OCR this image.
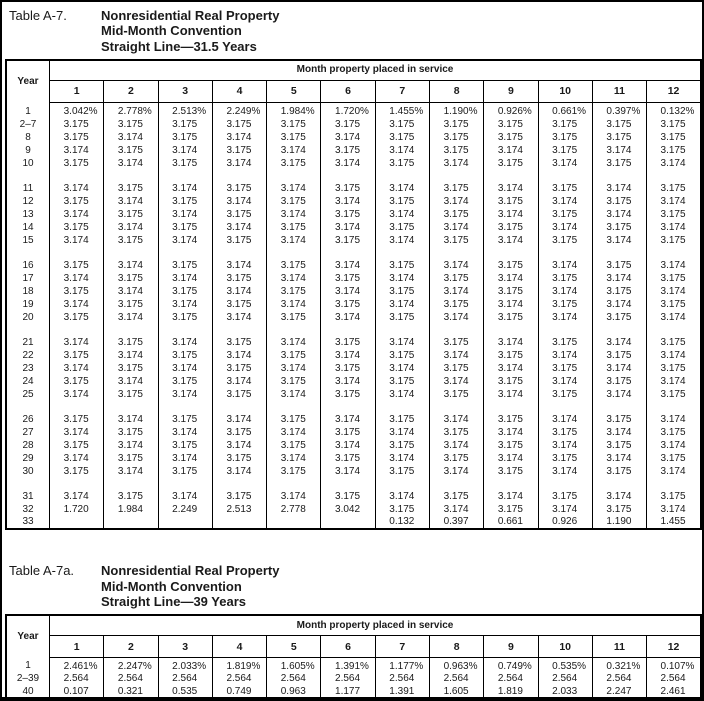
Table A-7.	Nonresidential Real Property
Mid-Month Convention
Straight Line—31.5 Years
Year	Month property placed in service											
	1	2	3	4	5	6	7	8	9	10	11	12
1	3.042%	2.778%	2.513%	2.249%	1.984%	1.720%	1.455%	1.190%	0.926%	0.661%	0.397%	0.132%
2–7	3.175	3.175	3.175	3.175	3.175	3.175	3.175	3.175	3.175	3.175	3.175	3.175
8	3.175	3.174	3.175	3.174	3.175	3.174	3.175	3.175	3.175	3.175	3.175	3.175
9	3.174	3.175	3.174	3.175	3.174	3.175	3.174	3.175	3.174	3.175	3.174	3.175
10	3.175	3.174	3.175	3.174	3.175	3.174	3.175	3.174	3.175	3.174	3.175	3.174

11	3.174	3.175	3.174	3.175	3.174	3.175	3.174	3.175	3.174	3.175	3.174	3.175
12	3.175	3.174	3.175	3.174	3.175	3.174	3.175	3.174	3.175	3.174	3.175	3.174
13	3.174	3.175	3.174	3.175	3.174	3.175	3.174	3.175	3.174	3.175	3.174	3.175
14	3.175	3.174	3.175	3.174	3.175	3.174	3.175	3.174	3.175	3.174	3.175	3.174
15	3.174	3.175	3.174	3.175	3.174	3.175	3.174	3.175	3.174	3.175	3.174	3.175

16	3.175	3.174	3.175	3.174	3.175	3.174	3.175	3.174	3.175	3.174	3.175	3.174
17	3.174	3.175	3.174	3.175	3.174	3.175	3.174	3.175	3.174	3.175	3.174	3.175
18	3.175	3.174	3.175	3.174	3.175	3.174	3.175	3.174	3.175	3.174	3.175	3.174
19	3.174	3.175	3.174	3.175	3.174	3.175	3.174	3.175	3.174	3.175	3.174	3.175
20	3.175	3.174	3.175	3.174	3.175	3.174	3.175	3.174	3.175	3.174	3.175	3.174

21	3.174	3.175	3.174	3.175	3.174	3.175	3.174	3.175	3.174	3.175	3.174	3.175
22	3.175	3.174	3.175	3.174	3.175	3.174	3.175	3.174	3.175	3.174	3.175	3.174
23	3.174	3.175	3.174	3.175	3.174	3.175	3.174	3.175	3.174	3.175	3.174	3.175
24	3.175	3.174	3.175	3.174	3.175	3.174	3.175	3.174	3.175	3.174	3.175	3.174
25	3.174	3.175	3.174	3.175	3.174	3.175	3.174	3.175	3.174	3.175	3.174	3.175

26	3.175	3.174	3.175	3.174	3.175	3.174	3.175	3.174	3.175	3.174	3.175	3.174
27	3.174	3.175	3.174	3.175	3.174	3.175	3.174	3.175	3.174	3.175	3.174	3.175
28	3.175	3.174	3.175	3.174	3.175	3.174	3.175	3.174	3.175	3.174	3.175	3.174
29	3.174	3.175	3.174	3.175	3.174	3.175	3.174	3.175	3.174	3.175	3.174	3.175
30	3.175	3.174	3.175	3.174	3.175	3.174	3.175	3.174	3.175	3.174	3.175	3.174

31	3.174	3.175	3.174	3.175	3.174	3.175	3.174	3.175	3.174	3.175	3.174	3.175
32	1.720	1.984	2.249	2.513	2.778	3.042	3.175	3.174	3.175	3.174	3.175	3.174
33							0.132	0.397	0.661	0.926	1.190	1.455
Table A-7a.	Nonresidential Real Property
Mid-Month Convention
Straight Line—39 Years
Year	Month property placed in service											
	1	2	3	4	5	6	7	8	9	10	11	12
1	2.461%	2.247%	2.033%	1.819%	1.605%	1.391%	1.177%	0.963%	0.749%	0.535%	0.321%	0.107%
2–39	2.564	2.564	2.564	2.564	2.564	2.564	2.564	2.564	2.564	2.564	2.564	2.564
40	0.107	0.321	0.535	0.749	0.963	1.177	1.391	1.605	1.819	2.033	2.247	2.461
